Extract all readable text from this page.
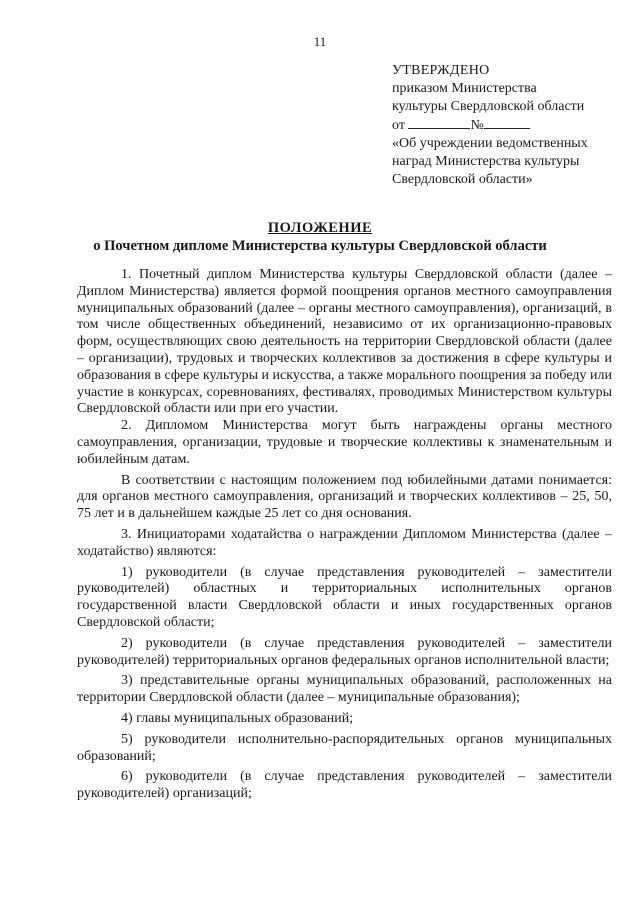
11
УТВЕРЖДЕНО
приказом Министерства
культуры Свердловской области
от	№
«Об учреждении ведомственных
наград Министерства культуры
Свердловской области»
ПОЛОЖЕНИЕ
о Почетном дипломе Министерства культуры Свердловской области

1. Почетный диплом Министерства культуры Свердловской области (далее – Диплом Министерства) является формой поощрения органов местного самоуправления муниципальных образований (далее – органы местного самоуправления), организаций, в том числе общественных объединений, независимо от их организационно-правовых форм, осуществляющих свою деятельность на территории Свердловской области (далее – организации), трудовых и творческих коллективов за достижения в сфере культуры и образования в сфере культуры и искусства, а также морального поощрения за победу или участие в конкурсах, соревнованиях, фестивалях, проводимых Министерством культуры Свердловской области или при его участии.

2. Дипломом Министерства могут быть награждены органы местного самоуправления, организации, трудовые и творческие коллективы к знаменательным и юбилейным датам.

В соответствии с настоящим положением под юбилейными датами понимается: для органов местного самоуправления, организаций и творческих коллективов – 25, 50, 75 лет и в дальнейшем каждые 25 лет со дня основания.

3. Инициаторами ходатайства о награждении Дипломом Министерства (далее – ходатайство) являются:

1) руководители (в случае представления руководителей – заместители руководителей) областных и территориальных исполнительных органов государственной власти Свердловской области и иных государственных органов Свердловской области;

2) руководители (в случае представления руководителей – заместители руководителей) территориальных органов федеральных органов исполнительной власти;

3) представительные органы муниципальных образований, расположенных на территории Свердловской области (далее – муниципальные образования);

4) главы муниципальных образований;

5) руководители исполнительно-распорядительных органов муниципальных образований;

6) руководители (в случае представления руководителей – заместители руководителей) организаций;
